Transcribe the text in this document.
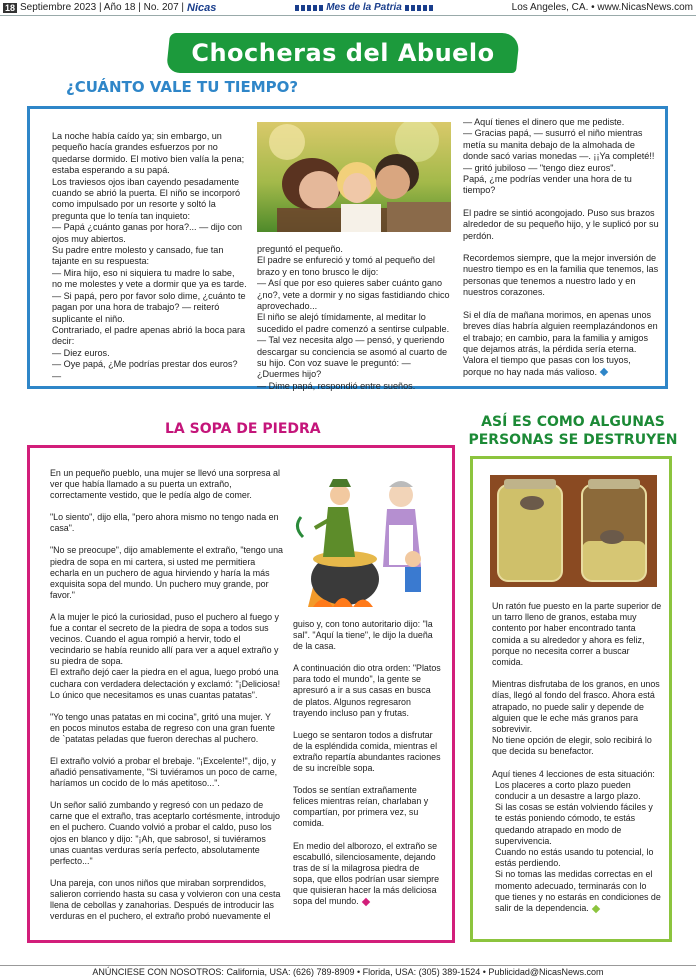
18 Septiembre 2023 | Año 18 | No. 207 | Nicas	Mes de la Patria	Los Angeles, CA. • www.NicasNews.com
Chocheras del Abuelo
¿CUÁNTO VALE TU TIEMPO?

La noche había caído ya; sin embargo, un pequeño hacía grandes esfuerzos por no quedarse dormido. El motivo bien valía la pena; estaba esperando a su papá.

Los traviesos ojos iban cayendo pesadamente cuando se abrió la puerta. El niño se incorporó como impulsado por un resorte y soltó la pregunta que lo tenía tan inquieto:

— Papá ¿cuánto ganas por hora?... — dijo con ojos muy abiertos.

Su padre entre molesto y cansado, fue tan tajante en su respuesta:

— Mira hijo, eso ni siquiera tu madre lo sabe, no me molestes y vete a dormir que ya es tarde.

— Si papá, pero por favor solo dime, ¿cuánto te pagan por una hora de trabajo? — reiteró suplicante el niño.

Contrariado, el padre apenas abrió la boca para decir:

— Diez euros.

— Oye papá, ¿Me podrías prestar dos euros? —

preguntó el pequeño.

El padre se enfureció y tomó al pequeño del brazo y en tono brusco le dijo:

— Así que por eso quieres saber cuánto gano ¿no?, vete a dormir y no sigas fastidiando chico aprovechado...

El niño se alejó tímidamente, al meditar lo sucedido el padre comenzó a sentirse culpable.

— Tal vez necesita algo — pensó, y queriendo descargar su conciencia se asomó al cuarto de su hijo. Con voz suave le preguntó: — ¿Duermes hijo?

— Dime papá, respondió entre sueños.

— Aquí tienes el dinero que me pediste.

— Gracias papá, — susurró el niño mientras metía su manita debajo de la almohada de donde sacó varias monedas —. ¡¡Ya completé!! — gritó jubiloso — "tengo diez euros".

Papá, ¿me podrías vender una hora de tu tiempo?

El padre se sintió acongojado. Puso sus brazos alrededor de su pequeño hijo, y le suplicó por su perdón.

Recordemos siempre, que la mejor inversión de nuestro tiempo es en la familia que tenemos, las personas que tenemos a nuestro lado y en nuestros corazones.

Si el día de mañana morimos, en apenas unos breves días habría alguien reemplazándonos en el trabajo; en cambio, para la familia y amigos que dejamos atrás, la pérdida sería eterna.

Valora el tiempo que pasas con los tuyos, porque no hay nada más valioso.

LA SOPA DE PIEDRA

En un pequeño pueblo, una mujer se llevó una sorpresa al ver que había llamado a su puerta un extraño, correctamente vestido, que le pedía algo de comer.

"Lo siento", dijo ella, "pero ahora mismo no tengo nada en casa".

"No se preocupe", dijo amablemente el extraño, "tengo una piedra de sopa en mi cartera, si usted me permitiera echarla en un puchero de agua hirviendo y haría la más exquisita sopa del mundo. Un puchero muy grande, por favor."

A la mujer le picó la curiosidad, puso el puchero al fuego y fue a contar el secreto de la piedra de sopa a todos sus vecinos. Cuando el agua rompió a hervir, todo el vecindario se había reunido allí para ver a aquel extraño y su piedra de sopa.

El extraño dejó caer la piedra en el agua, luego probó una cuchara con verdadera delectación y exclamó: "¡Deliciosa! Lo único que necesitamos es unas cuantas patatas".

"Yo tengo unas patatas en mi cocina", gritó una mujer. Y en pocos minutos estaba de regreso con una gran fuente de `patatas peladas que fueron derechas al puchero.

El extraño volvió a probar el brebaje. "¡Excelente!", dijo, y añadió pensativamente, "Si tuviéramos un poco de carne, haríamos un cocido de lo más apetitoso...".

Un señor salió zumbando y regresó con un pedazo de carne que el extraño, tras aceptarlo cortésmente, introdujo en el puchero. Cuando volvió a probar el caldo, puso los ojos en blanco y dijo: "¡Ah, que sabroso!, si tuviéramos unas cuantas verduras sería perfecto, absolutamente perfecto..."

Una pareja, con unos niños que miraban sorprendidos, salieron corriendo hasta su casa y volvieron con una cesta llena de cebollas y zanahorias. Después de introducir las verduras en el puchero, el extraño probó nuevamente el

guiso y, con tono autoritario dijo: "la sal". "Aquí la tiene", le dijo la dueña de la casa.

A continuación dio otra orden: "Platos para todo el mundo", la gente se apresuró a ir a sus casas en busca de platos. Algunos regresaron trayendo incluso pan y frutas.

Luego se sentaron todos a disfrutar de la espléndida comida, mientras el extraño repartía abundantes raciones de su increíble sopa.

Todos se sentían extrañamente felices mientras reían, charlaban y compartían, por primera vez, su comida.

En medio del alborozo, el extraño se escabulló, silenciosamente, dejando tras de sí la milagrosa piedra de sopa, que ellos podrían usar siempre que quisieran hacer la más deliciosa sopa del mundo.

ASÍ ES COMO ALGUNAS
PERSONAS SE DESTRUYEN

Un ratón fue puesto en la parte superior de un tarro lleno de granos, estaba muy contento por haber encontrado tanta comida a su alrededor y ahora es feliz, porque no necesita correr a buscar comida.

Mientras disfrutaba de los granos, en unos días, llegó al fondo del frasco. Ahora está atrapado, no puede salir y depende de alguien que le eche más granos para sobrevivir.

No tiene opción de elegir, solo recibirá lo que decida su benefactor.

Aquí tienes 4 lecciones de esta situación:

Los placeres a corto plazo pueden conducir a un desastre a largo plazo.

Si las cosas se están volviendo fáciles y te estás poniendo cómodo, te estás quedando atrapado en modo de supervivencia.

Cuando no estás usando tu potencial, lo estás perdiendo.

Si no tomas las medidas correctas en el momento adecuado, terminarás con lo que tienes y no estarás en condiciones de salir de la dependencia.

ANÚNCIESE CON NOSOTROS: California, USA: (626) 789-8909 • Florida, USA: (305) 389-1524 • Publicidad@NicasNews.com
